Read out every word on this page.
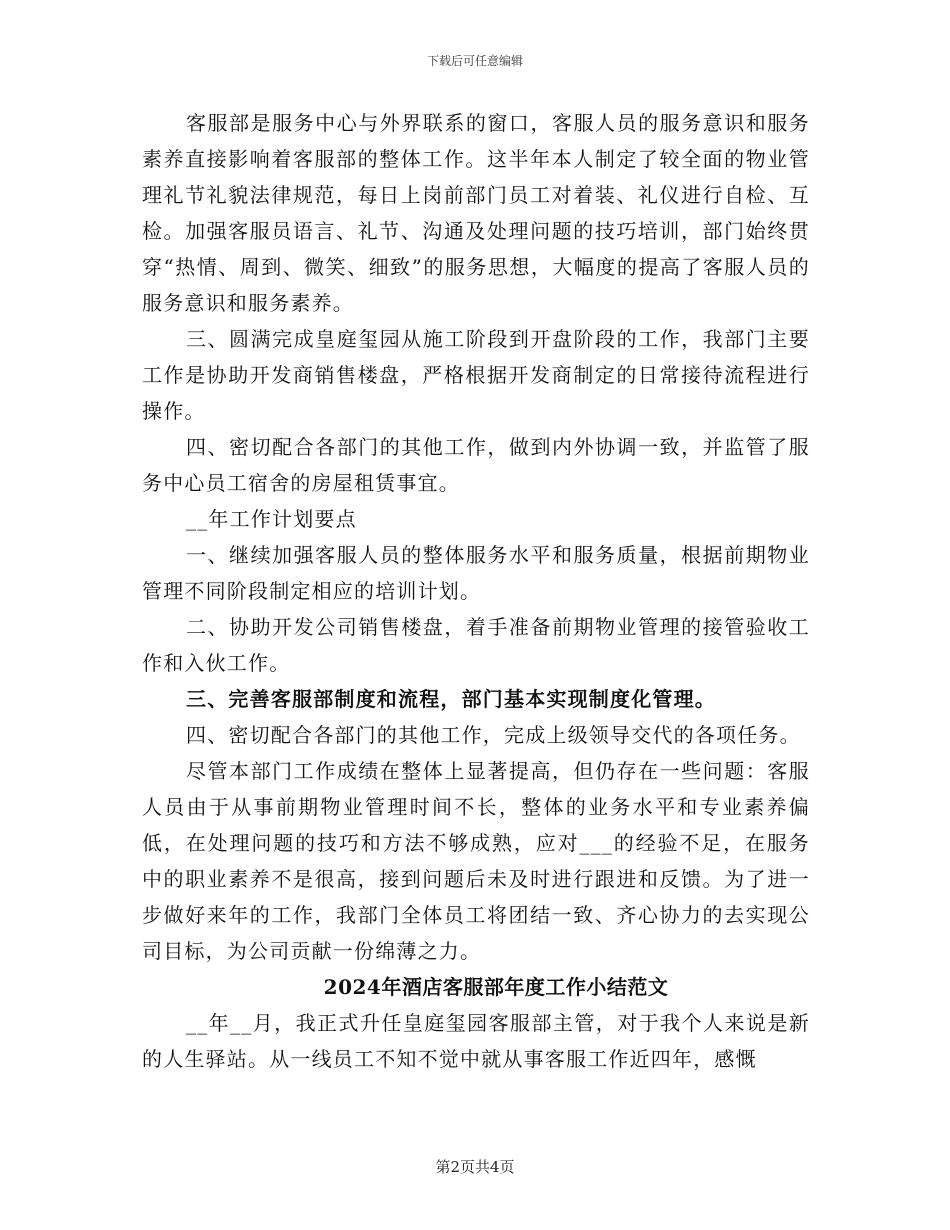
下载后可任意编辑

客服部是服务中心与外界联系的窗口，客服人员的服务意识和服务素养直接影响着客服部的整体工作。这半年本人制定了较全面的物业管理礼节礼貌法律规范，每日上岗前部门员工对着装、礼仪进行自检、互检。加强客服员语言、礼节、沟通及处理问题的技巧培训，部门始终贯穿“热情、周到、微笑、细致”的服务思想，大幅度的提高了客服人员的服务意识和服务素养。

三、圆满完成皇庭玺园从施工阶段到开盘阶段的工作，我部门主要工作是协助开发商销售楼盘，严格根据开发商制定的日常接待流程进行操作。

四、密切配合各部门的其他工作，做到内外协调一致，并监管了服务中心员工宿舍的房屋租赁事宜。

__年工作计划要点

一、继续加强客服人员的整体服务水平和服务质量，根据前期物业管理不同阶段制定相应的培训计划。

二、协助开发公司销售楼盘，着手准备前期物业管理的接管验收工作和入伙工作。

三、完善客服部制度和流程，部门基本实现制度化管理。

四、密切配合各部门的其他工作，完成上级领导交代的各项任务。

尽管本部门工作成绩在整体上显著提高，但仍存在一些问题：客服人员由于从事前期物业管理时间不长，整体的业务水平和专业素养偏低，在处理问题的技巧和方法不够成熟，应对___的经验不足，在服务中的职业素养不是很高，接到问题后未及时进行跟进和反馈。为了进一步做好来年的工作，我部门全体员工将团结一致、齐心协力的去实现公司目标，为公司贡献一份绵薄之力。

2024年酒店客服部年度工作小结范文

__年__月，我正式升任皇庭玺园客服部主管，对于我个人来说是新的人生驿站。从一线员工不知不觉中就从事客服工作近四年，感慨

第2页共4页
